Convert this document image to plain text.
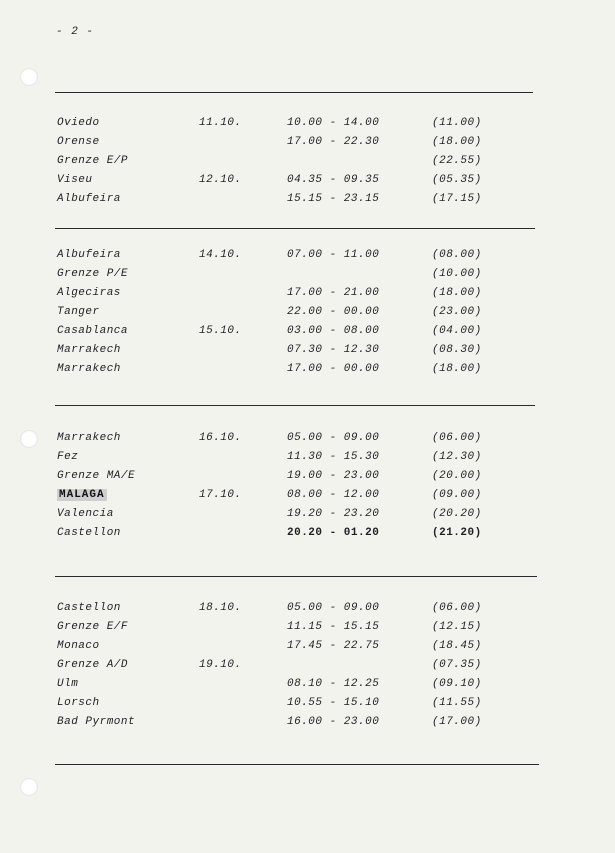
- 2 -
Oviedo	11.10.	10.00 - 14.00	(11.00)
Orense	17.00 - 22.30	(18.00)
Grenze E/P	(22.55)
Viseu	12.10.	04.35 - 09.35	(05.35)
Albufeira	15.15 - 23.15	(17.15)
Albufeira	14.10.	07.00 - 11.00	(08.00)
Grenze P/E	(10.00)
Algeciras	17.00 - 21.00	(18.00)
Tanger	22.00 - 00.00	(23.00)
Casablanca	15.10.	03.00 - 08.00	(04.00)
Marrakech	07.30 - 12.30	(08.30)
Marrakech	17.00 - 00.00	(18.00)
Marrakech	16.10.	05.00 - 09.00	(06.00)
Fez	11.30 - 15.30	(12.30)
Grenze MA/E	19.00 - 23.00	(20.00)
MALAGA	17.10.	08.00 - 12.00	(09.00)
Valencia	19.20 - 23.20	(20.20)
Castellon	20.20 - 01.20	(21.20)
Castellon	18.10.	05.00 - 09.00	(06.00)
Grenze E/F	11.15 - 15.15	(12.15)
Monaco	17.45 - 22.75	(18.45)
Grenze A/D	19.10.	(07.35)
Ulm	08.10 - 12.25	(09.10)
Lorsch	10.55 - 15.10	(11.55)
Bad Pyrmont	16.00 - 23.00	(17.00)
